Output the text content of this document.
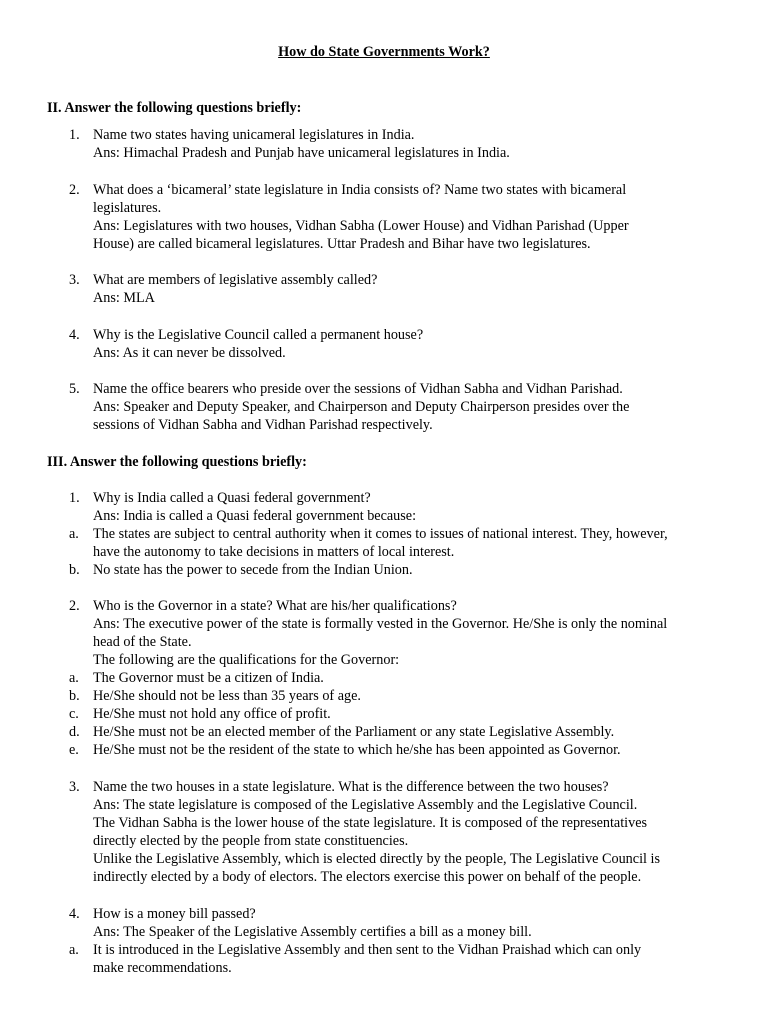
How do State Governments Work?
II. Answer the following questions briefly:
1. Name two states having unicameral legislatures in India.
Ans: Himachal Pradesh and Punjab have unicameral legislatures in India.
2. What does a ‘bicameral’ state legislature in India consists of? Name two states with bicameral
legislatures.
Ans: Legislatures with two houses, Vidhan Sabha (Lower House) and Vidhan Parishad (Upper
House) are called bicameral legislatures. Uttar Pradesh and Bihar have two legislatures.
3. What are members of legislative assembly called?
Ans: MLA
4. Why is the Legislative Council called a permanent house?
Ans: As it can never be dissolved.
5. Name the office bearers who preside over the sessions of Vidhan Sabha and Vidhan Parishad.
Ans: Speaker and Deputy Speaker, and Chairperson and Deputy Chairperson presides over the
sessions of Vidhan Sabha and Vidhan Parishad respectively.
III. Answer the following questions briefly:
1. Why is India called a Quasi federal government?
Ans: India is called a Quasi federal government because:
a. The states are subject to central authority when it comes to issues of national interest. They, however,
have the autonomy to take decisions in matters of local interest.
b. No state has the power to secede from the Indian Union.
2. Who is the Governor in a state? What are his/her qualifications?
Ans: The executive power of the state is formally vested in the Governor. He/She is only the nominal
head of the State.
The following are the qualifications for the Governor:
a. The Governor must be a citizen of India.
b. He/She should not be less than 35 years of age.
c. He/She must not hold any office of profit.
d. He/She must not be an elected member of the Parliament or any state Legislative Assembly.
e. He/She must not be the resident of the state to which he/she has been appointed as Governor.
3. Name the two houses in a state legislature. What is the difference between the two houses?
Ans: The state legislature is composed of the Legislative Assembly and the Legislative Council.
The Vidhan Sabha is the lower house of the state legislature. It is composed of the representatives
directly elected by the people from state constituencies.
Unlike the Legislative Assembly, which is elected directly by the people, The Legislative Council is
indirectly elected by a body of electors. The electors exercise this power on behalf of the people.
4. How is a money bill passed?
Ans: The Speaker of the Legislative Assembly certifies a bill as a money bill.
a. It is introduced in the Legislative Assembly and then sent to the Vidhan Praishad which can only
make recommendations.
